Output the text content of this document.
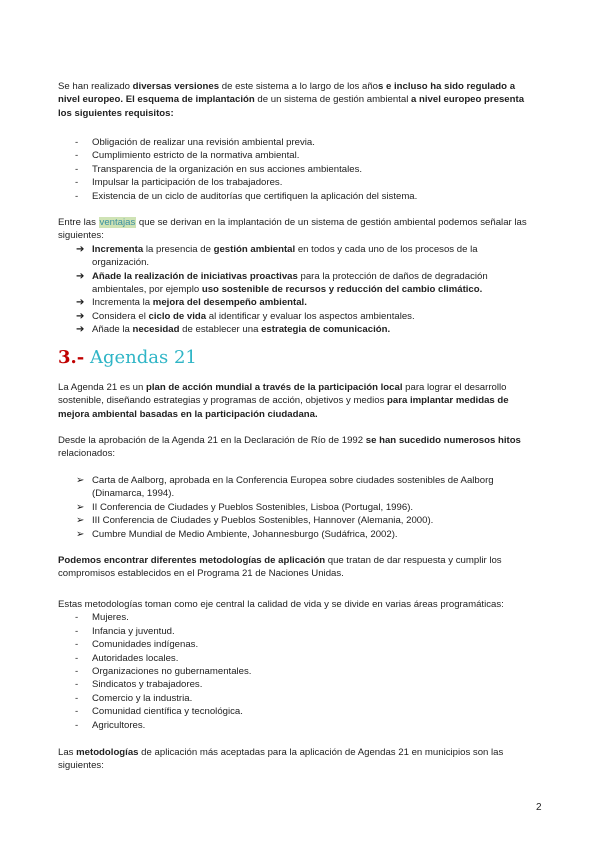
Se han realizado diversas versiones de este sistema a lo largo de los años e incluso ha sido regulado a nivel europeo. El esquema de implantación de un sistema de gestión ambiental a nivel europeo presenta los siguientes requisitos:

- Obligación de realizar una revisión ambiental previa.
- Cumplimiento estricto de la normativa ambiental.
- Transparencia de la organización en sus acciones ambientales.
- Impulsar la participación de los trabajadores.
- Existencia de un ciclo de auditorías que certifiquen la aplicación del sistema.

Entre las ventajas que se derivan en la implantación de un sistema de gestión ambiental podemos señalar las siguientes:

➔ Incrementa la presencia de gestión ambiental en todos y cada uno de los procesos de la organización.
➔ Añade la realización de iniciativas proactivas para la protección de daños de degradación ambientales, por ejemplo uso sostenible de recursos y reducción del cambio climático.
➔ Incrementa la mejora del desempeño ambiental.
➔ Considera el ciclo de vida al identificar y evaluar los aspectos ambientales.
➔ Añade la necesidad de establecer una estrategia de comunicación.
3.- Agendas 21

La Agenda 21 es un plan de acción mundial a través de la participación local para lograr el desarrollo sostenible, diseñando estrategias y programas de acción, objetivos y medios para implantar medidas de mejora ambiental basadas en la participación ciudadana.

Desde la aprobación de la Agenda 21 en la Declaración de Río de 1992 se han sucedido numerosos hitos relacionados:

➢ Carta de Aalborg, aprobada en la Conferencia Europea sobre ciudades sostenibles de Aalborg (Dinamarca, 1994).
➢ II Conferencia de Ciudades y Pueblos Sostenibles, Lisboa (Portugal, 1996).
➢ III Conferencia de Ciudades y Pueblos Sostenibles, Hannover (Alemania, 2000).
➢ Cumbre Mundial de Medio Ambiente, Johannesburgo (Sudáfrica, 2002).

Podemos encontrar diferentes metodologías de aplicación que tratan de dar respuesta y cumplir los compromisos establecidos en el Programa 21 de Naciones Unidas.

Estas metodologías toman como eje central la calidad de vida y se divide en varias áreas programáticas:

- Mujeres.
- Infancia y juventud.
- Comunidades indígenas.
- Autoridades locales.
- Organizaciones no gubernamentales.
- Sindicatos y trabajadores.
- Comercio y la industria.
- Comunidad científica y tecnológica.
- Agricultores.

Las metodologías de aplicación más aceptadas para la aplicación de Agendas 21 en municipios son las siguientes:

2
